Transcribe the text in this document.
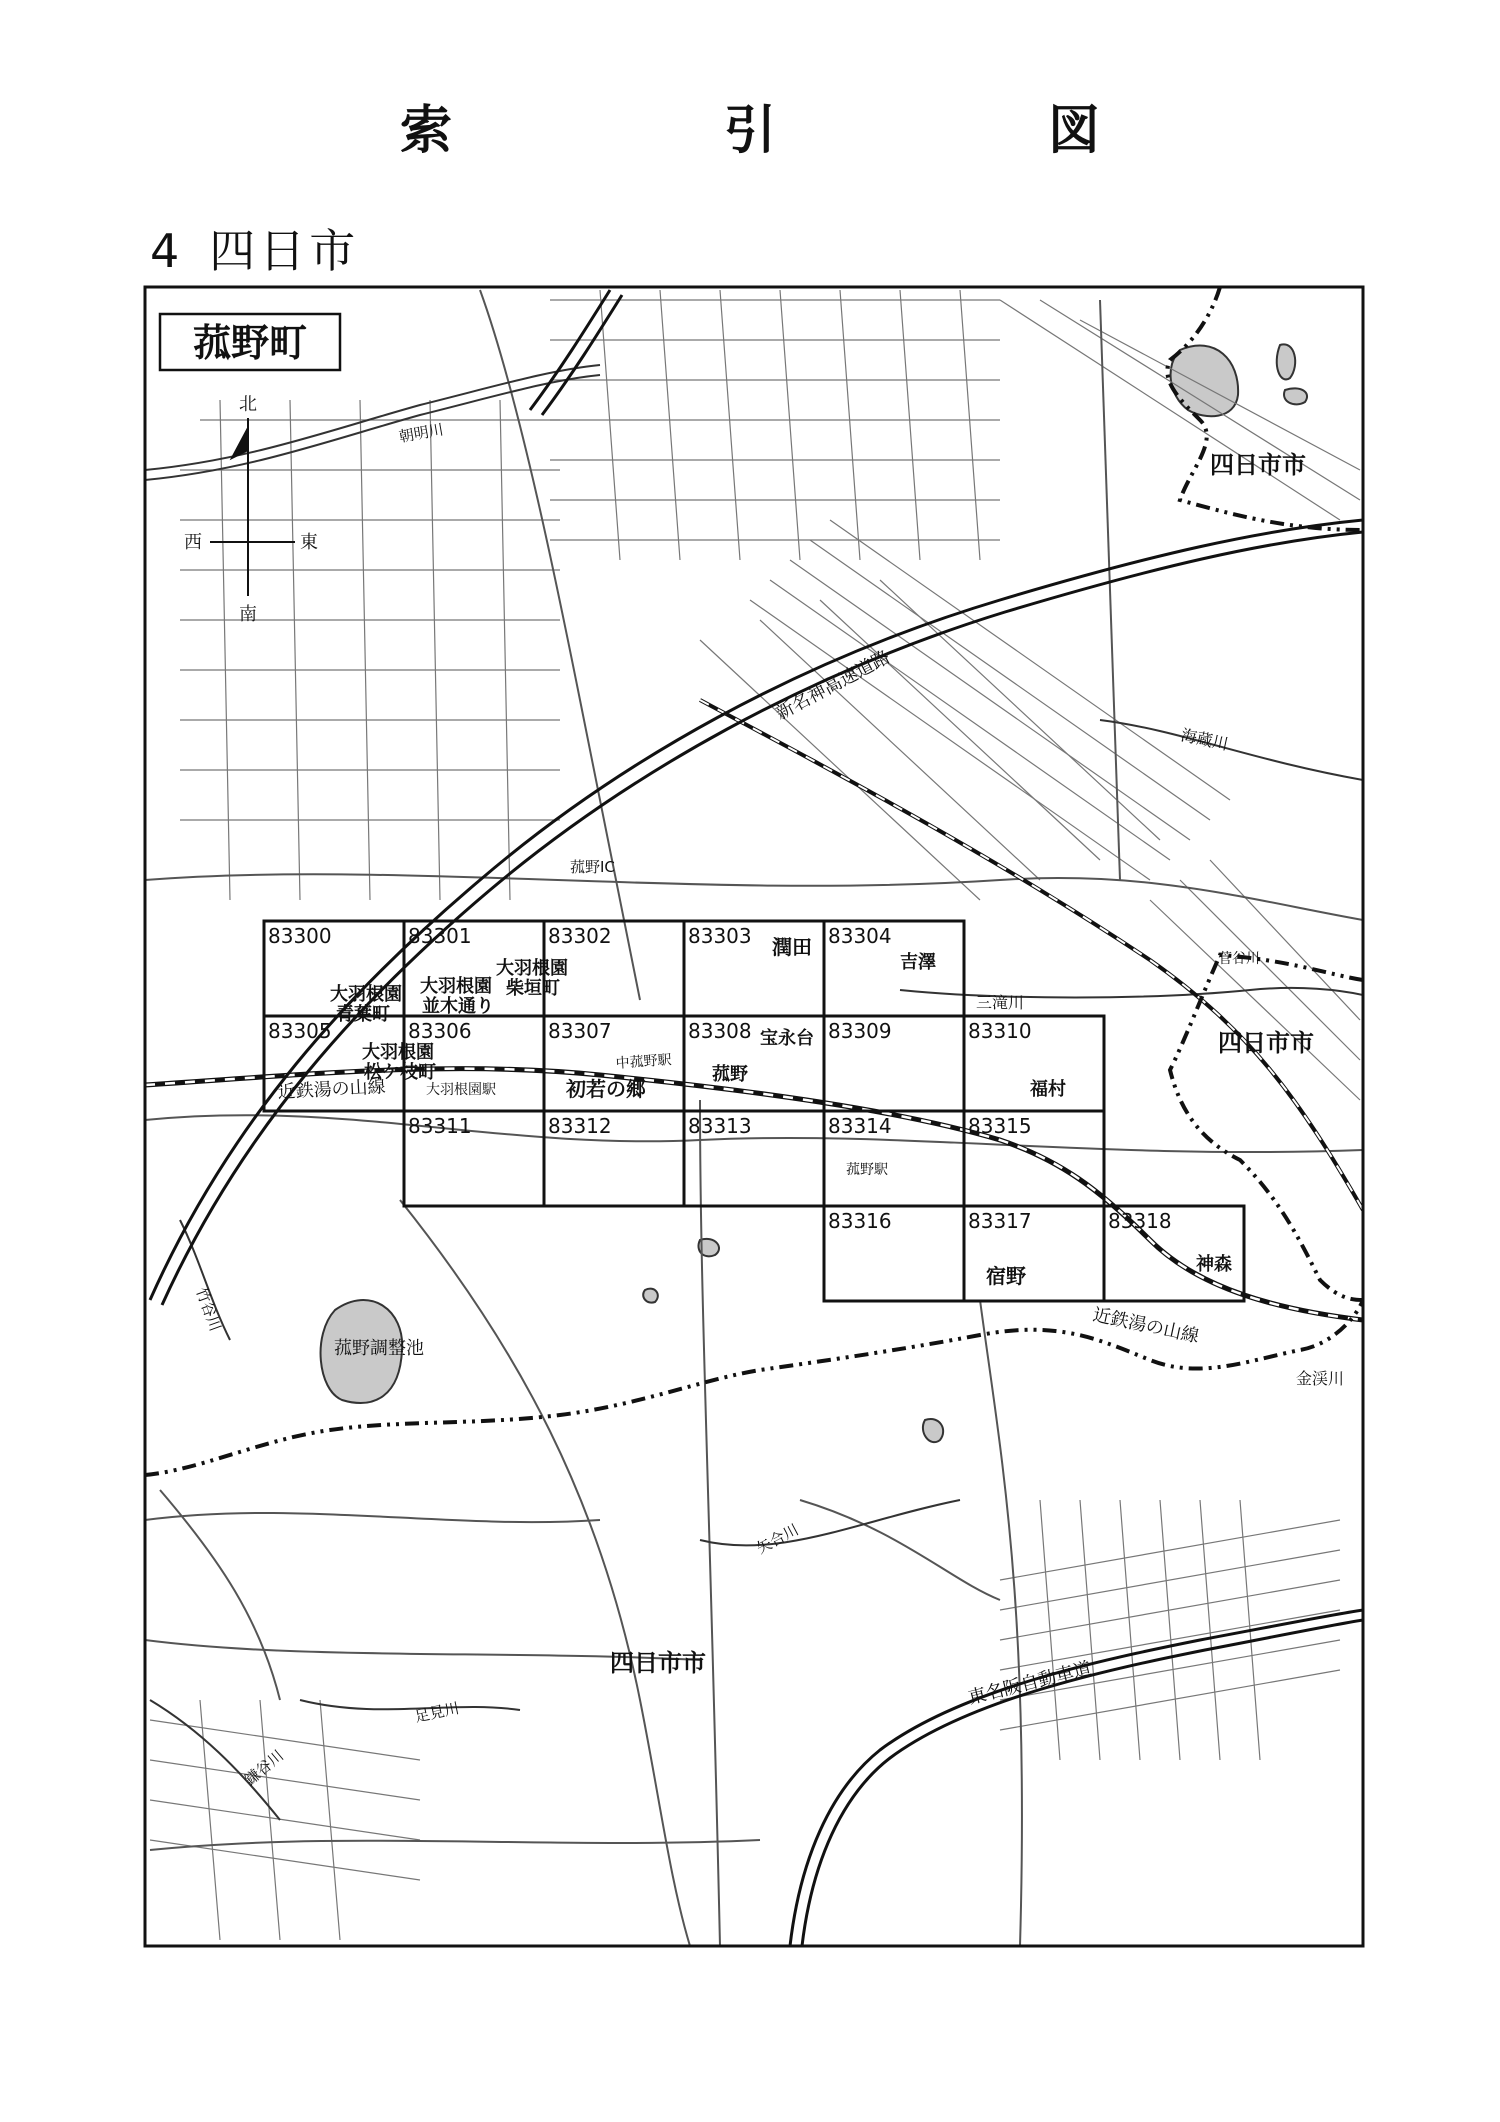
索　引　図
4 四日市
菰野町
北
南
東
西
83300	83301	83302	83303	83304
83305	83306	83307	83308	83309	83310
83311	83312	83313	83314	83315
83316	83317	83318
四日市市
四日市市
四日市市
潤田
吉澤
大羽根園
青葉町
大羽根園
並木通り
大羽根園
柴垣町
大羽根園
松ケ枝町
宝永台
初若の郷
菰野
福村
宿野	神森
朝明川
新名神高速道路
菰野IC
海蔵川
三滝川
近鉄湯の山線
近鉄湯の山線
大羽根園駅
中菰野駅
菰野駅
金渓川
菅谷川
菰野調整池
矢合川
東名阪自動車道
足見川
鎌谷川
竹谷川
